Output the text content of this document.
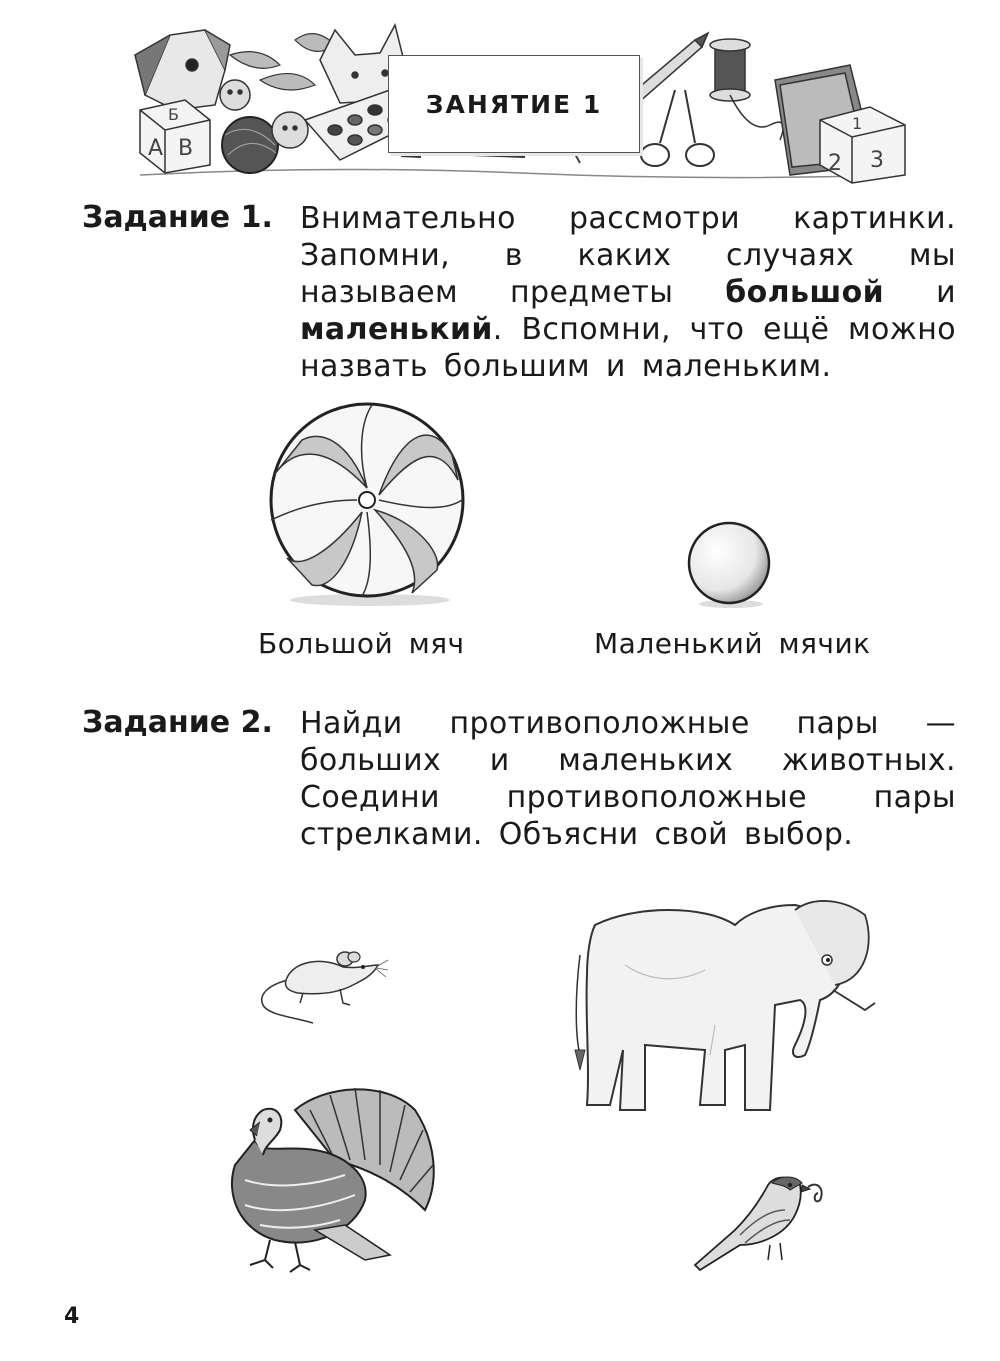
А В
Б
2 3
1
ЗАНЯТИЕ 1
Задание 1. Внимательно рассмотри картинки. Запомни, в каких случаях мы называем предметы большой и маленький. Вспомни, что ещё можно назвать большим и маленьким.
Большой мяч	Маленький мячик
Задание 2. Найди противоположные пары — больших и маленьких животных. Соедини противоположные пары стрелками. Объясни свой выбор.
4
